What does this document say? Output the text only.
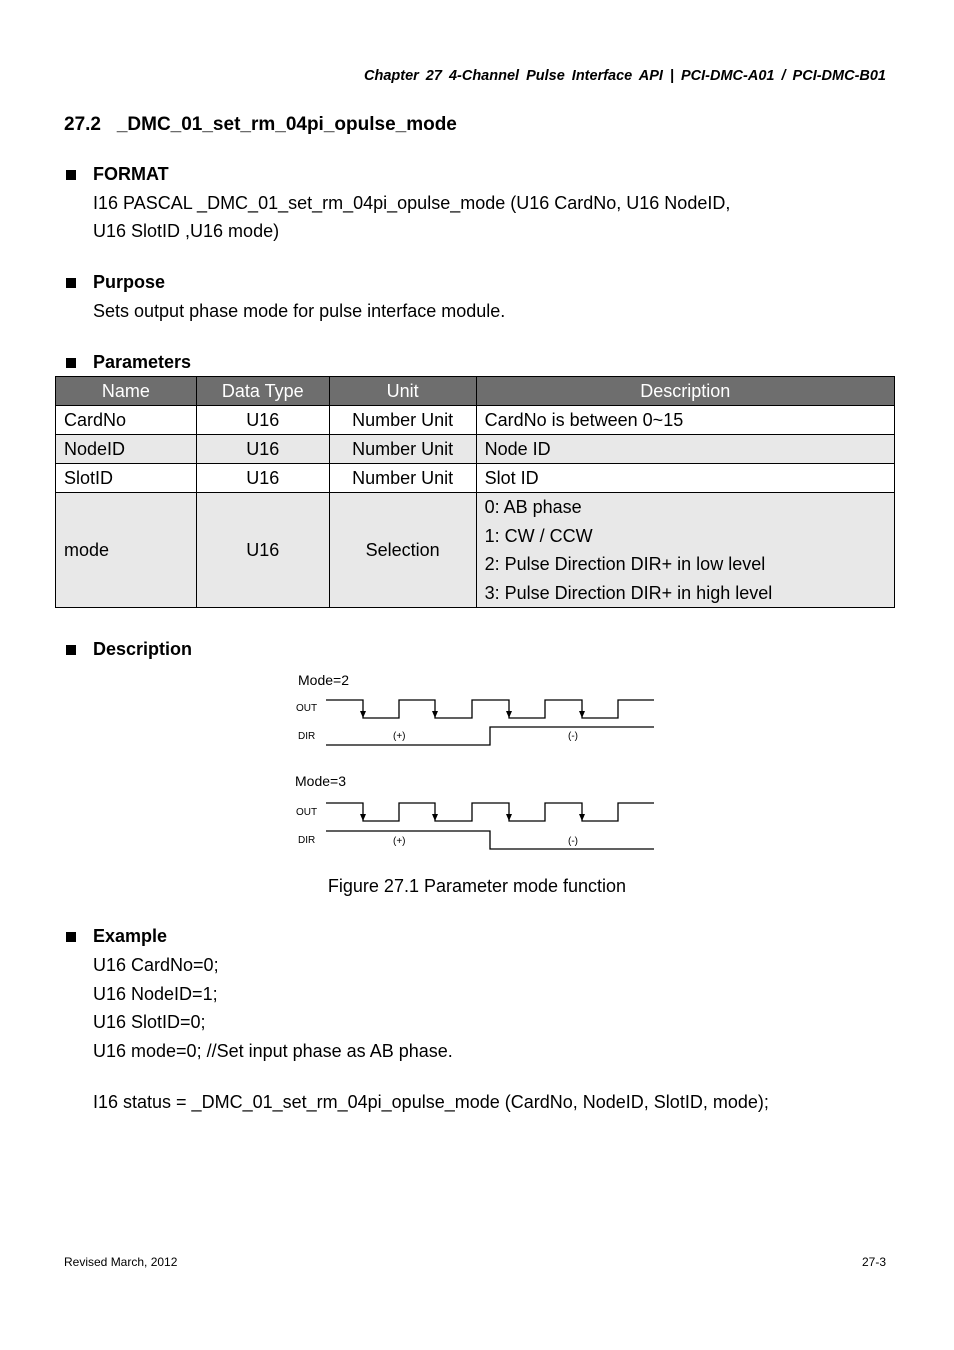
Chapter 27 4-Channel Pulse Interface API | PCI-DMC-A01 / PCI-DMC-B01
27.2 _DMC_01_set_rm_04pi_opulse_mode
FORMAT
I16 PASCAL _DMC_01_set_rm_04pi_opulse_mode (U16 CardNo, U16 NodeID,
U16 SlotID ,U16 mode)
Purpose
Sets output phase mode for pulse interface module.
Parameters
Name	Data Type	Unit	Description
CardNo	U16	Number Unit	CardNo is between 0~15
NodeID	U16	Number Unit	Node ID
SlotID	U16	Number Unit	Slot ID
mode	U16	Selection	0: AB phase
1: CW / CCW
2: Pulse Direction DIR+ in low level
3: Pulse Direction DIR+ in high level
Description
Mode=2
OUT
DIR	(+)	(-)
Mode=3
OUT
DIR	(+)	(-)
Figure 27.1 Parameter mode function
Example
U16 CardNo=0;
U16 NodeID=1;
U16 SlotID=0;
U16 mode=0; //Set input phase as AB phase.
I16 status = _DMC_01_set_rm_04pi_opulse_mode (CardNo, NodeID, SlotID, mode);
Revised March, 2012	27-3
